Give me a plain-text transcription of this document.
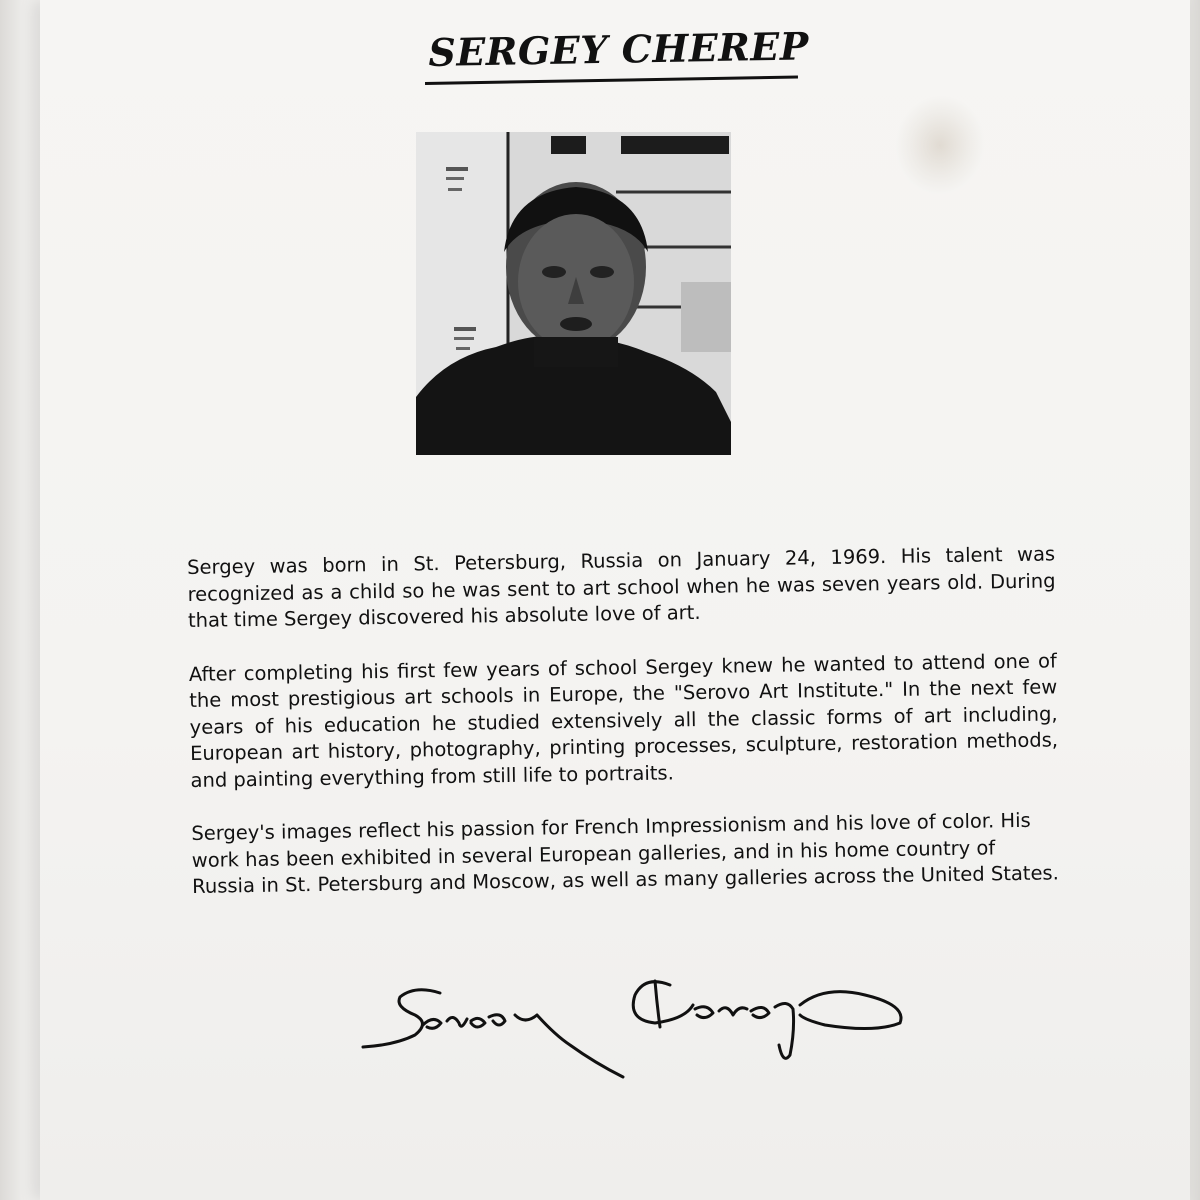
SERGEY CHEREP

Sergey was born in St. Petersburg, Russia on January 24, 1969. His talent was recognized as a child so he was sent to art school when he was seven years old. During that time Sergey discovered his absolute love of art.

After completing his first few years of school Sergey knew he wanted to attend one of the most prestigious art schools in Europe, the "Serovo Art Institute." In the next few years of his education he studied extensively all the classic forms of art including, European art history, photography, printing processes, sculpture, restoration methods, and painting everything from still life to portraits.

Sergey's images reflect his passion for French Impressionism and his love of color. His work has been exhibited in several European galleries, and in his home country of Russia in St. Petersburg and Moscow, as well as many galleries across the United States.
